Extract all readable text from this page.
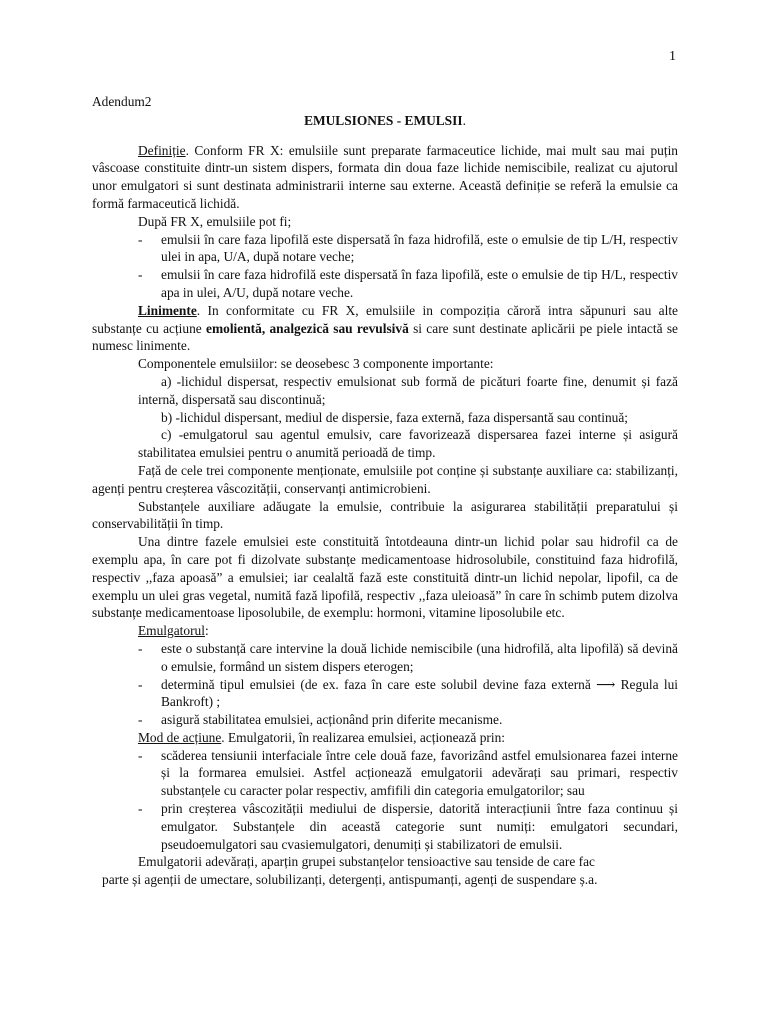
1

Adendum2

EMULSIONES - EMULSII.

Definiție. Conform FR X: emulsiile sunt preparate farmaceutice lichide, mai mult sau mai puțin vâscoase constituite dintr-un sistem dispers, formata din doua faze lichide nemiscibile, realizat cu ajutorul unor emulgatori si sunt destinata administrarii interne sau externe. Această definiție se referă la emulsie ca formă farmaceutică lichidă.

După FR X, emulsiile pot fi;

-	emulsii în care faza lipofilă este dispersată în faza hidrofilă, este o emulsie de tip L/H, respectiv ulei in apa, U/A, după notare veche;
-	emulsii în care faza hidrofilă este dispersată în faza lipofilă, este o emulsie de tip H/L, respectiv apa in ulei, A/U, după notare veche.

Linimente. In conformitate cu FR X, emulsiile in compoziția căroră intra săpunuri sau alte substanțe cu acțiune emolientă, analgezică sau revulsivă si care sunt destinate aplicării pe piele intactă se numesc linimente.

Componentele emulsiilor: se deosebesc 3 componente importante:

a) -lichidul dispersat, respectiv emulsionat sub formă de picături foarte fine, denumit și fază internă, dispersată sau discontinuă;

b) -lichidul dispersant, mediul de dispersie, faza externă, faza dispersantă sau continuă;

c) -emulgatorul sau agentul emulsiv, care favorizează dispersarea fazei interne și asigură stabilitatea emulsiei pentru o anumită perioadă de timp.

Față de cele trei componente menționate, emulsiile pot conține și substanțe auxiliare ca: stabilizanți, agenți pentru creșterea vâscozității, conservanți antimicrobieni.

Substanțele auxiliare adăugate la emulsie, contribuie la asigurarea stabilității preparatului și conservabilității în timp.

Una dintre fazele emulsiei este constituită întotdeauna dintr-un lichid polar sau hidrofil ca de exemplu apa, în care pot fi dizolvate substanțe medicamentoase hidrosolubile, constituind faza hidrofilă, respectiv ,,faza apoasă” a emulsiei; iar cealaltă fază este constituită dintr-un lichid nepolar, lipofil, ca de exemplu un ulei gras vegetal, numită fază lipofilă, respectiv ,,faza uleioasă” în care în schimb putem dizolva substanțe medicamentoase liposolubile, de exemplu: hormoni, vitamine liposolubile etc.

Emulgatorul:

-	este o substanță care intervine la două lichide nemiscibile (una hidrofilă, alta lipofilă) să devină o emulsie, formând un sistem dispers eterogen;
-	determină tipul emulsiei (de ex. faza în care este solubil devine faza externă ⟶ Regula lui Bankroft) ;
-	asigură stabilitatea emulsiei, acționând prin diferite mecanisme.

Mod de acțiune. Emulgatorii, în realizarea emulsiei, acționează prin:

-	scăderea tensiunii interfaciale între cele două faze, favorizând astfel emulsionarea fazei interne și la formarea emulsiei. Astfel acționează emulgatorii adevărați sau primari, respectiv substanțele cu caracter polar respectiv, amfifili din categoria emulgatorilor; sau
-	prin creșterea vâscozității mediului de dispersie, datorită interacțiunii între faza continuu și emulgator. Substanțele din această categorie sunt numiți: emulgatori secundari, pseudoemulgatori sau cvasiemulgatori, denumiți și stabilizatori de emulsii.

Emulgatorii adevărați, aparțin grupei substanțelor tensioactive sau tenside de care fac

parte și agenții de umectare, solubilizanți, detergenți, antispumanți, agenți de suspendare ș.a.
